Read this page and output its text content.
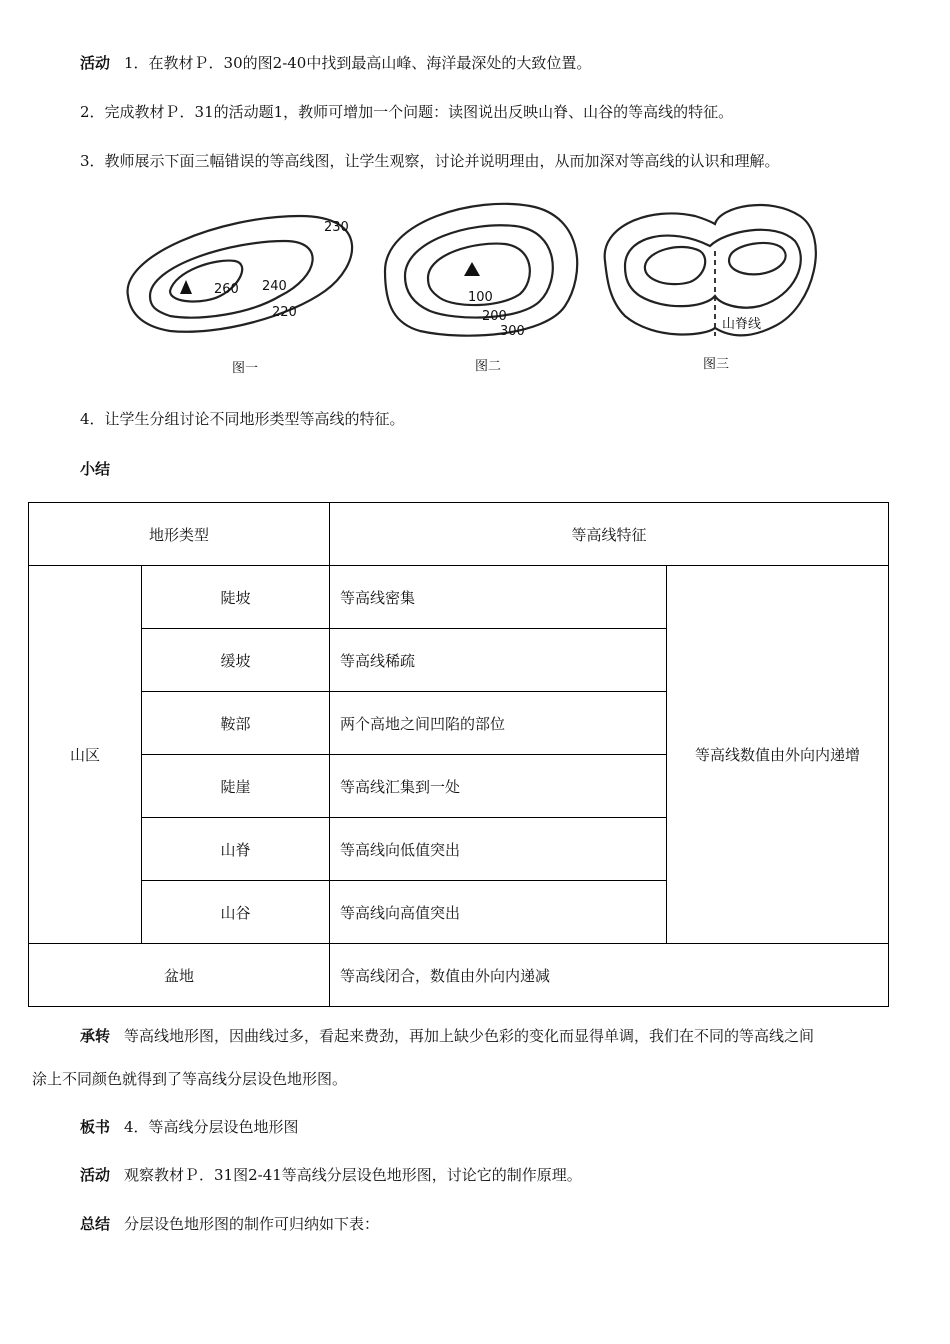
活动 1．在教材Ｐ．30的图2-40中找到最高山峰、海洋最深处的大致位置。
2．完成教材Ｐ．31的活动题1，教师可增加一个问题：读图说出反映山脊、山谷的等高线的特征。
3．教师展示下面三幅错误的等高线图，让学生观察，讨论并说明理由，从而加深对等高线的认识和理解。
230
260 240
220
100
200
300	山脊线
图一	图二	图三
4．让学生分组讨论不同地形类型等高线的特征。
小结
地形类型		等高线特征	
山区	陡坡	等高线密集	等高线数值由外向内递增
	缓坡	等高线稀疏	
	鞍部	两个高地之间凹陷的部位	
	陡崖	等高线汇集到一处	
	山脊	等高线向低值突出	
	山谷	等高线向高值突出	
盆地		等高线闭合，数值由外向内递减	
承转 等高线地形图，因曲线过多，看起来费劲，再加上缺少色彩的变化而显得单调，我们在不同的等高线之间
涂上不同颜色就得到了等高线分层设色地形图。
板书 4．等高线分层设色地形图
活动 观察教材Ｐ．31图2-41等高线分层设色地形图，讨论它的制作原理。
总结 分层设色地形图的制作可归纳如下表：
